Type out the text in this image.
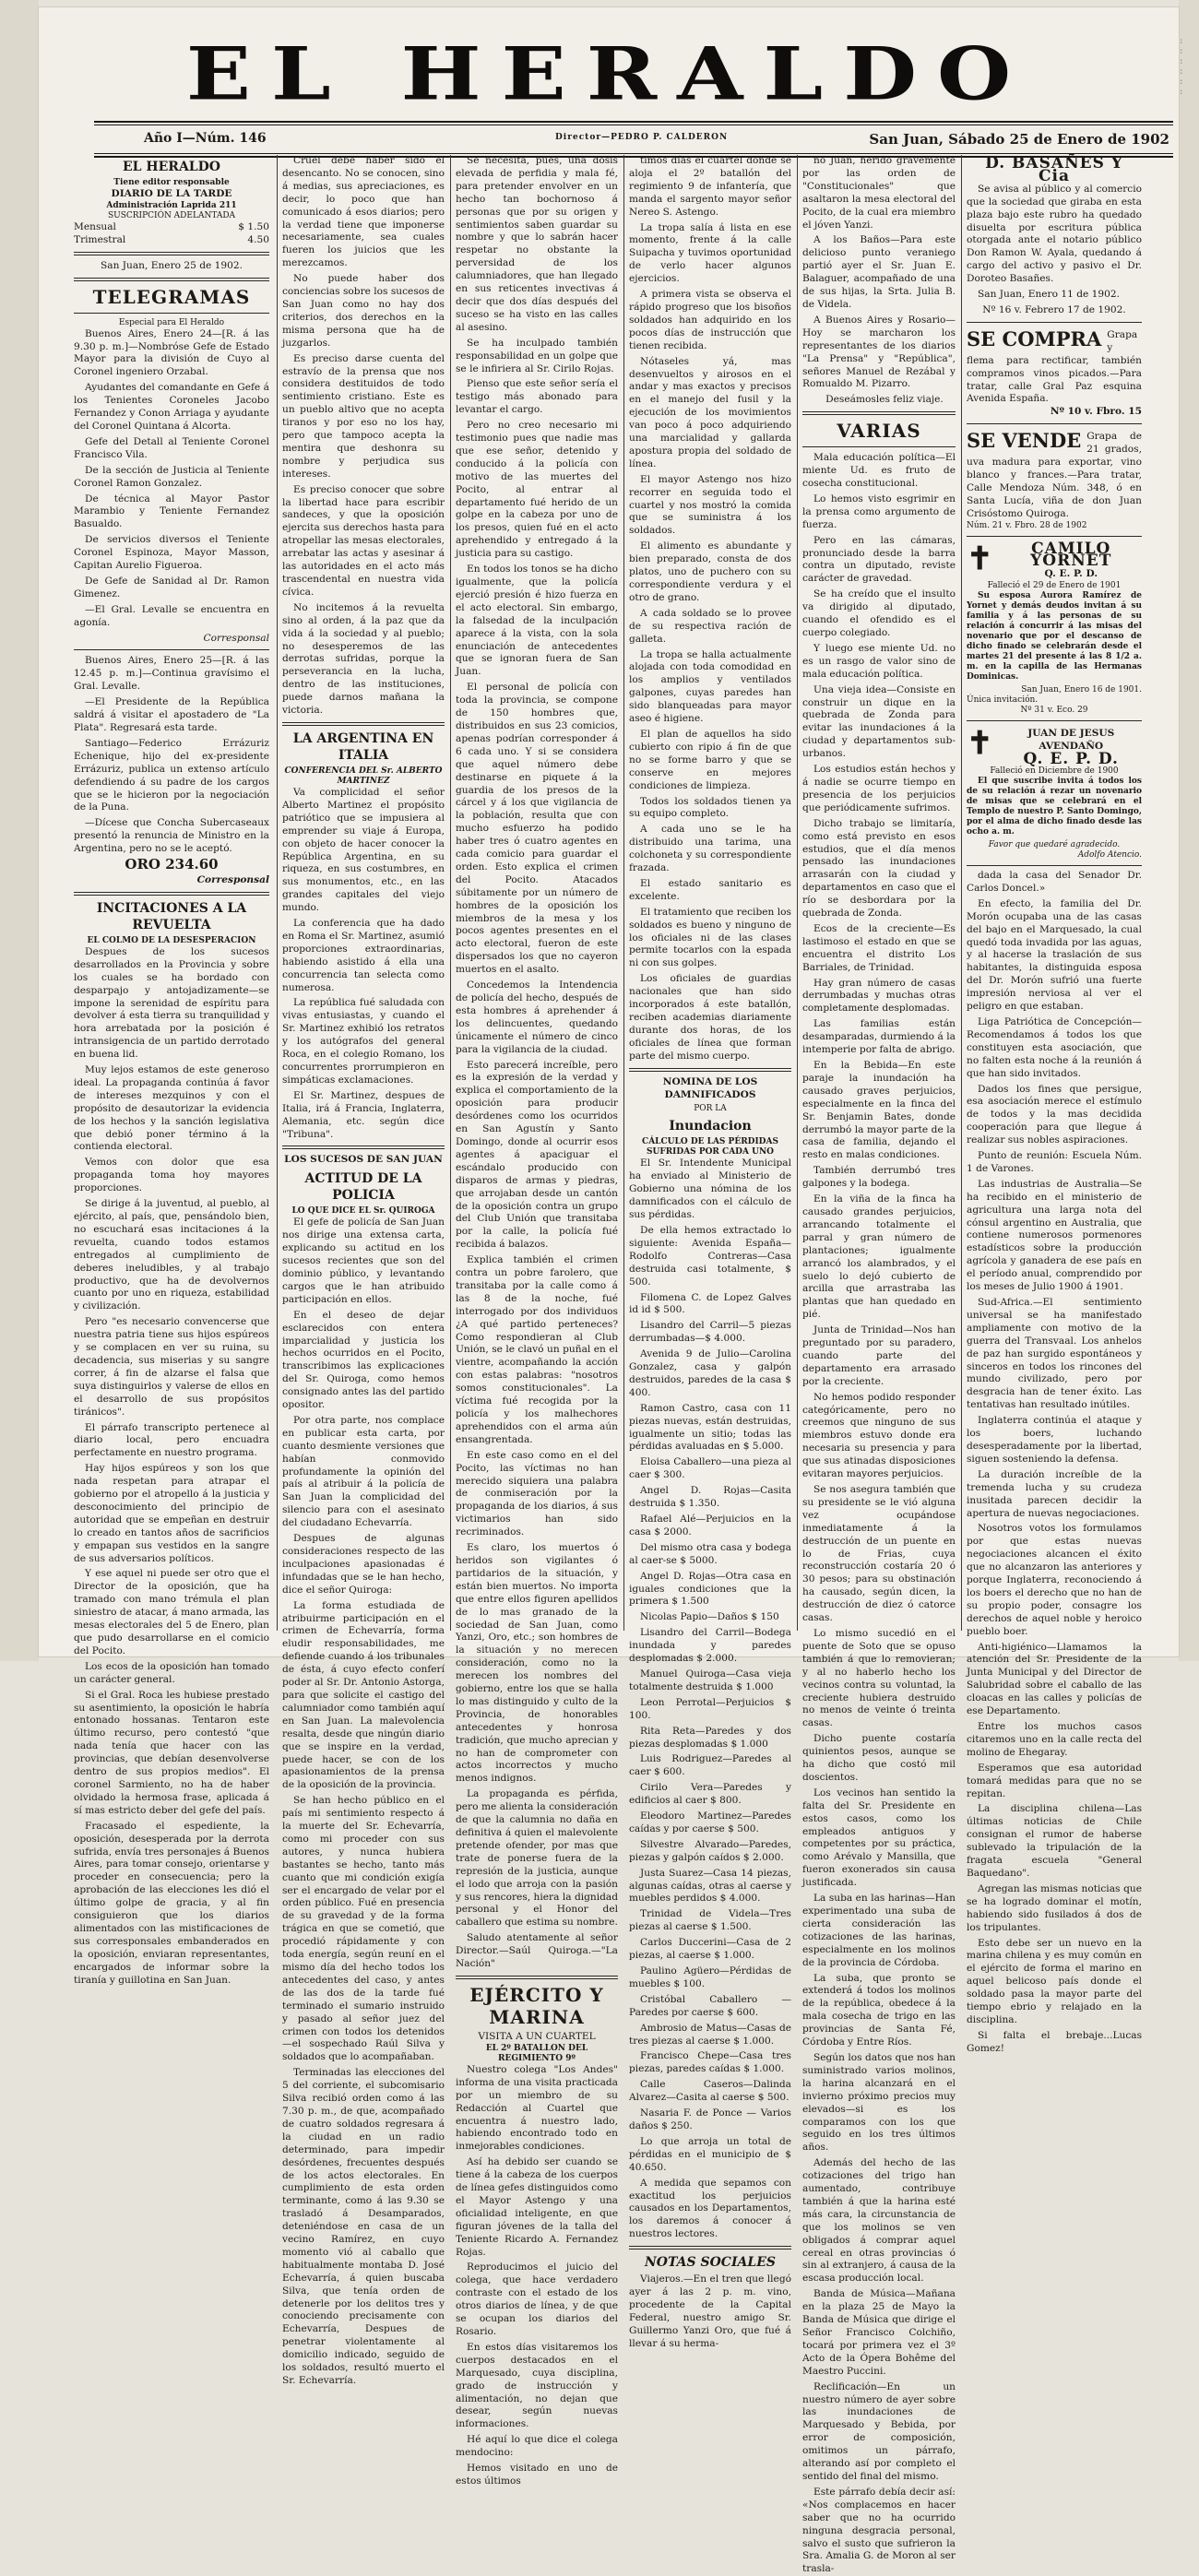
: : : : : :
EL HERALDO
Año I—Núm. 146	Director—PEDRO P. CALDERON	San Juan, Sábado 25 de Enero de 1902
EL HERALDO
Tiene editor responsable
DIARIO DE LA TARDE
Administración Laprida 211
SUSCRIPCIÓN ADELANTADA
Mensual	$ 1.50
Trimestral	4.50
San Juan, Enero 25 de 1902.
TELEGRAMAS
Especial para El Heraldo

Buenos Aires, Enero 24—[R. á las 9.30 p. m.]—Nombróse Gefe de Estado Mayor para la división de Cuyo al Coronel ingeniero Orzabal.

Ayudantes del comandante en Gefe á los Tenientes Coroneles Jacobo Fernandez y Conon Arriaga y ayudante del Coronel Quintana á Alcorta.

Gefe del Detall al Teniente Coronel Francisco Vila.

De la sección de Justicia al Teniente Coronel Ramon Gonzalez.

De técnica al Mayor Pastor Marambio y Teniente Fernandez Basualdo.

De servicios diversos el Teniente Coronel Espinoza, Mayor Masson, Capitan Aurelio Figueroa.

De Gefe de Sanidad al Dr. Ramon Gimenez.

—El Gral. Levalle se encuentra en agonía.

Corresponsal

Buenos Aires, Enero 25—[R. á las 12.45 p. m.]—Continua gravísimo el Gral. Levalle.

—El Presidente de la República saldrá á visitar el apostadero de "La Plata". Regresará esta tarde.

Santiago—Federico Errázuriz Echenique, hijo del ex-presidente Errázuriz, publica un extenso artículo defendiendo á su padre de los cargos que se le hicieron por la negociación de la Puna.

—Dícese que Concha Subercaseaux presentó la renuncia de Ministro en la Argentina, pero no se le aceptó.

ORO 234.60
Corresponsal
INCITACIONES A LA REVUELTA
EL COLMO DE LA DESESPERACION

Despues de los sucesos desarrollados en la Provincia y sobre los cuales se ha bordado con desparpajo y antojadizamente—se impone la serenidad de espíritu para devolver á esta tierra su tranquilidad y hora arrebatada por la posición é intransigencia de un partido derrotado en buena lid.

Muy lejos estamos de este generoso ideal. La propaganda continúa á favor de intereses mezquinos y con el propósito de desautorizar la evidencia de los hechos y la sanción legislativa que debió poner término á la contienda electoral.

Vemos con dolor que esa propaganda toma hoy mayores proporciones.

Se dirige á la juventud, al pueblo, al ejército, al país, que, pensándolo bien, no escuchará esas incitaciones á la revuelta, cuando todos estamos entregados al cumplimiento de deberes ineludibles, y al trabajo productivo, que ha de devolvernos cuanto por uno en riqueza, estabilidad y civilización.

Pero "es necesario convencerse que nuestra patria tiene sus hijos espúreos y se complacen en ver su ruina, su decadencia, sus miserias y su sangre correr, á fin de alzarse el falsa que suya distinguirlos y valerse de ellos en el desarrollo de sus propósitos tiránicos".

El párrafo transcripto pertenece al diario local, pero encuadra perfectamente en nuestro programa.

Hay hijos espúreos y son los que nada respetan para atrapar el gobierno por el atropello á la justicia y desconocimiento del principio de autoridad que se empeñan en destruir lo creado en tantos años de sacrificios y empapan sus vestidos en la sangre de sus adversarios políticos.

Y ese aquel ni puede ser otro que el Director de la oposición, que ha tramado con mano trémula el plan siniestro de atacar, á mano armada, las mesas electorales del 5 de Enero, plan que pudo desarrollarse en el comicio del Pocito.

Los ecos de la oposición han tomado un carácter general.

Si el Gral. Roca les hubiese prestado su asentimiento, la oposición le habría entonado hossanas. Tentaron este último recurso, pero contestó "que nada tenía que hacer con las provincias, que debían desenvolverse dentro de sus propios medios". El coronel Sarmiento, no ha de haber olvidado la hermosa frase, aplicada á sí mas estricto deber del gefe del país.

Fracasado el espediente, la oposición, desesperada por la derrota sufrida, envía tres personajes á Buenos Aires, para tomar consejo, orientarse y proceder en consecuencia; pero la aprobación de las elecciones les dió el último golpe de gracia, y al fin consiguieron que los diarios alimentados con las mistificaciones de sus corresponsales embanderados en la oposición, enviaran representantes, encargados de informar sobre la tiranía y guillotina en San Juan.

Cruel debe haber sido el desencanto. No se conocen, sino á medias, sus apreciaciones, es decir, lo poco que han comunicado á esos diarios; pero la verdad tiene que imponerse necesariamente, sea cuales fueren los juicios que les merezcamos.

No puede haber dos conciencias sobre los sucesos de San Juan como no hay dos criterios, dos derechos en la misma persona que ha de juzgarlos.

Es preciso darse cuenta del estravío de la prensa que nos considera destituidos de todo sentimiento cristiano. Este es un pueblo altivo que no acepta tiranos y por eso no los hay, pero que tampoco acepta la mentira que deshonra su nombre y perjudica sus intereses.

Es preciso conocer que sobre la libertad hace para escribir sandeces, y que la oposición ejercita sus derechos hasta para atropellar las mesas electorales, arrebatar las actas y asesinar á las autoridades en el acto más trascendental en nuestra vida cívica.

No incitemos á la revuelta sino al orden, á la paz que da vida á la sociedad y al pueblo; no desesperemos de las derrotas sufridas, porque la perseverancia en la lucha, dentro de las instituciones, puede darnos mañana la victoria.

LA ARGENTINA EN ITALIA
CONFERENCIA DEL Sr. ALBERTO MARTINEZ

Va complicidad el señor Alberto Martinez el propósito patriótico que se impusiera al emprender su viaje á Europa, con objeto de hacer conocer la República Argentina, en su riqueza, en sus costumbres, en sus monumentos, etc., en las grandes capitales del viejo mundo.

La conferencia que ha dado en Roma el Sr. Martinez, asumió proporciones extraordinarias, habiendo asistido á ella una concurrencia tan selecta como numerosa.

La república fué saludada con vivas entusiastas, y cuando el Sr. Martinez exhibió los retratos y los autógrafos del general Roca, en el colegio Romano, los concurrentes prorrumpieron en simpáticas exclamaciones.

El Sr. Martinez, despues de Italia, irá á Francia, Inglaterra, Alemania, etc. según dice "Tribuna".

LOS SUCESOS DE SAN JUAN
ACTITUD DE LA POLICIA
LO QUE DICE EL Sr. QUIROGA

El gefe de policía de San Juan nos dirige una extensa carta, explicando su actitud en los sucesos recientes que son del dominio público, y levantando cargos que le han atribuido participación en ellos.

En el deseo de dejar esclarecidos con entera imparcialidad y justicia los hechos ocurridos en el Pocito, transcribimos las explicaciones del Sr. Quiroga, como hemos consignado antes las del partido opositor.

Por otra parte, nos complace en publicar esta carta, por cuanto desmiente versiones que habían conmovido profundamente la opinión del país al atribuir á la policía de San Juan la complicidad del silencio para con el asesinato del ciudadano Echevarría.

Despues de algunas consideraciones respecto de las inculpaciones apasionadas é infundadas que se le han hecho, dice el señor Quiroga:

La forma estudiada de atribuirme participación en el crimen de Echevarría, forma eludir responsabilidades, me defiende cuando á los tribunales de ésta, á cuyo efecto conferí poder al Sr. Dr. Antonio Astorga, para que solicite el castigo del calumniador como también aquí en San Juan. La malevolencia resalta, desde que ningún diario que se inspire en la verdad, puede hacer, se con de los apasionamientos de la prensa de la oposición de la provincia.

Se han hecho público en el país mi sentimiento respecto á la muerte del Sr. Echevarría, como mi proceder con sus autores, y nunca hubiera bastantes se hecho, tanto más cuanto que mi condición exigía ser el encargado de velar por el orden público. Fué en presencia de su gravedad y de la forma trágica en que se cometió, que procedió rápidamente y con toda energía, según reuní en el mismo día del hecho todos los antecedentes del caso, y antes de las dos de la tarde fué terminado el sumario instruido y pasado al señor juez del crimen con todos los detenidos—el sospechado Raúl Silva y soldados que lo acompañaban.

Terminadas las elecciones del 5 del corriente, el subcomisario Silva recibió orden como á las 7.30 p. m., de que, acompañado de cuatro soldados regresara á la ciudad en un radio determinado, para impedir desórdenes, frecuentes después de los actos electorales. En cumplimiento de esta orden terminante, como á las 9.30 se trasladó á Desamparados, deteniéndose en casa de un vecino Ramírez, en cuyo momento vió al caballo que habitualmente montaba D. José Echevarría, á quien buscaba Silva, que tenía orden de detenerle por los delitos tres y conociendo precisamente con Echevarría, Despues de penetrar violentamente al domicilio indicado, seguido de los soldados, resultó muerto el Sr. Echevarría.

Se necesita, pues, una dosis elevada de perfidia y mala fé, para pretender envolver en un hecho tan bochornoso á personas que por su origen y sentimientos saben guardar su nombre y que lo sabrán hacer respetar no obstante la perversidad de los calumniadores, que han llegado en sus reticentes invectivas á decir que dos días después del suceso se ha visto en las calles al asesino.

Se ha inculpado también responsabilidad en un golpe que se le infiriera al Sr. Cirilo Rojas.

Pienso que este señor sería el testigo más abonado para levantar el cargo.

Pero no creo necesario mi testimonio pues que nadie mas que ese señor, detenido y conducido á la policía con motivo de las muertes del Pocito, al entrar al departamento fué herido de un golpe en la cabeza por uno de los presos, quien fué en el acto aprehendido y entregado á la justicia para su castigo.

En todos los tonos se ha dicho igualmente, que la policía ejerció presión é hizo fuerza en el acto electoral. Sin embargo, la falsedad de la inculpación aparece á la vista, con la sola enunciación de antecedentes que se ignoran fuera de San Juan.

El personal de policía con toda la provincia, se compone de 150 hombres que, distribuidos en sus 23 comicios, apenas podrían corresponder á 6 cada uno. Y si se considera que aquel número debe destinarse en piquete á la guardia de los presos de la cárcel y á los que vigilancia de la población, resulta que con mucho esfuerzo ha podido haber tres ó cuatro agentes en cada comicio para guardar el orden. Esto explica el crimen del Pocito. Atacados súbitamente por un número de hombres de la oposición los miembros de la mesa y los pocos agentes presentes en el acto electoral, fueron de este dispersados los que no cayeron muertos en el asalto.

Concedemos la Intendencia de policía del hecho, después de esta hombres á aprehender á los delincuentes, quedando únicamente el número de cinco para la vigilancia de la ciudad.

Esto parecerá increíble, pero es la expresión de la verdad y explica el comportamiento de la oposición para producir desórdenes como los ocurridos en San Agustín y Santo Domingo, donde al ocurrir esos agentes á apaciguar el escándalo producido con disparos de armas y piedras, que arrojaban desde un cantón de la oposición contra un grupo del Club Unión que transitaba por la calle, la policía fué recibida á balazos.

Explica también el crimen contra un pobre farolero, que transitaba por la calle como á las 8 de la noche, fué interrogado por dos individuos ¿A qué partido perteneces? Como respondieran al Club Unión, se le clavó un puñal en el vientre, acompañando la acción con estas palabras: "nosotros somos constitucionales". La víctima fué recogida por la policía y los malhechores aprehendidos con el arma aún ensangrentada.

En este caso como en el del Pocito, las víctimas no han merecido siquiera una palabra de conmiseración por la propaganda de los diarios, á sus victimarios han sido recriminados.

Es claro, los muertos ó heridos son vigilantes ó partidarios de la situación, y están bien muertos. No importa que entre ellos figuren apellidos de lo mas granado de la sociedad de San Juan, como Yanzi, Oro, etc.; son hombres de la situación y no merecen consideración, como no la merecen los nombres del gobierno, entre los que se halla lo mas distinguido y culto de la Provincia, de honorables antecedentes y honrosa tradición, que mucho aprecian y no han de comprometer con actos incorrectos y mucho menos indignos.

La propaganda es pérfida, pero me alienta la consideración de que la calumnia no daña en definitiva á quien el malevolente pretende ofender, por mas que trate de ponerse fuera de la represión de la justicia, aunque el lodo que arroja con la pasión y sus rencores, hiera la dignidad personal y el Honor del caballero que estima su nombre.

Saludo atentamente al señor Director.—Saúl Quiroga.—"La Nación"

EJÉRCITO Y MARINA
VISITA A UN CUARTEL
EL 2º BATALLON DEL REGIMIENTO 9º

Nuestro colega "Los Andes" informa de una visita practicada por un miembro de su Redacción al Cuartel que encuentra á nuestro lado, habiendo encontrado todo en inmejorables condiciones.

Así ha debido ser cuando se tiene á la cabeza de los cuerpos de línea gefes distinguidos como el Mayor Astengo y una oficialidad inteligente, en que figuran jóvenes de la talla del Teniente Ricardo A. Fernandez Rojas.

Reproducimos el juicio del colega, que hace verdadero contraste con el estado de los otros diarios de línea, y de que se ocupan los diarios del Rosario.

En estos días visitaremos los cuerpos destacados en el Marquesado, cuya disciplina, grado de instrucción y alimentación, no dejan que desear, según nuevas informaciones.

Hé aquí lo que dice el colega mendocino:

Hemos visitado en uno de estos últimos

timos días el cuartel donde se aloja el 2º batallón del regimiento 9 de infantería, que manda el sargento mayor señor Nereo S. Astengo.

La tropa salía á lista en ese momento, frente á la calle Suipacha y tuvimos oportunidad de verlo hacer algunos ejercicios.

A primera vista se observa el rápido progreso que los bisoños soldados han adquirido en los pocos días de instrucción que tienen recibida.

Nótaseles yá, mas desenvueltos y airosos en el andar y mas exactos y precisos en el manejo del fusil y la ejecución de los movimientos van poco á poco adquiriendo una marcialidad y gallarda apostura propia del soldado de línea.

El mayor Astengo nos hizo recorrer en seguida todo el cuartel y nos mostró la comida que se suministra á los soldados.

El alimento es abundante y bien preparado, consta de dos platos, uno de puchero con su correspondiente verdura y el otro de grano.

A cada soldado se lo provee de su respectiva ración de galleta.

La tropa se halla actualmente alojada con toda comodidad en los amplios y ventilados galpones, cuyas paredes han sido blanqueadas para mayor aseo é higiene.

El plan de aquellos ha sido cubierto con ripio á fin de que no se forme barro y que se conserve en mejores condiciones de limpieza.

Todos los soldados tienen ya su equipo completo.

A cada uno se le ha distribuido una tarima, una colchoneta y su correspondiente frazada.

El estado sanitario es excelente.

El tratamiento que reciben los soldados es bueno y ninguno de los oficiales ni de las clases permite tocarlos con la espada ni con sus golpes.

Los oficiales de guardias nacionales que han sido incorporados á este batallón, reciben academias diariamente durante dos horas, de los oficiales de línea que forman parte del mismo cuerpo.

NOMINA DE LOS DAMNIFICADOS
POR LA
Inundacion
CÁLCULO DE LAS PÉRDIDAS SUFRIDAS POR CADA UNO

El Sr. Intendente Municipal ha enviado al Ministerio de Gobierno una nómina de los damnificados con el cálculo de sus pérdidas.

De ella hemos extractado lo siguiente: Avenida España—Rodolfo Contreras—Casa destruida casi totalmente, $ 500.

Filomena C. de Lopez Galves id id $ 500.

Lisandro del Carril—5 piezas derrumbadas—$ 4.000.

Avenida 9 de Julio—Carolina Gonzalez, casa y galpón destruidos, paredes de la casa $ 400.

Ramon Castro, casa con 11 piezas nuevas, están destruidas, igualmente un sitio; todas las pérdidas avaluadas en $ 5.000.

Eloisa Caballero—una pieza al caer $ 300.

Angel D. Rojas—Casita destruida $ 1.350.

Rafael Alé—Perjuicios en la casa $ 2000.

Del mismo otra casa y bodega al caer-se $ 5000.

Angel D. Rojas—Otra casa en iguales condiciones que la primera $ 1.500

Nicolas Papio—Daños $ 150

Lisandro del Carril—Bodega inundada y paredes desplomadas $ 2.000.

Manuel Quiroga—Casa vieja totalmente destruida $ 1.000

Leon Perrotal—Perjuicios $ 100.

Rita Reta—Paredes y dos piezas desplomadas $ 1.000

Luis Rodriguez—Paredes al caer $ 600.

Cirilo Vera—Paredes y edificios al caer $ 800.

Eleodoro Martinez—Paredes caídas y por caerse $ 500.

Silvestre Alvarado—Paredes, piezas y galpón caídos $ 2.000.

Justa Suarez—Casa 14 piezas, algunas caídas, otras al caerse y muebles perdidos $ 4.000.

Trinidad de Videla—Tres piezas al caerse $ 1.500.

Carlos Duccerini—Casa de 2 piezas, al caerse $ 1.000.

Paulino Agüero—Pérdidas de muebles $ 100.

Cristóbal Caballero — Paredes por caerse $ 600.

Ambrosio de Matus—Casas de tres piezas al caerse $ 1.000.

Francisco Chepe—Casa tres piezas, paredes caídas $ 1.000.

Calle Caseros—Dalinda Alvarez—Casita al caerse $ 500.

Nasaria F. de Ponce — Varios daños $ 250.

Lo que arroja un total de pérdidas en el municipio de $ 40.650.

A medida que sepamos con exactitud los perjuicios causados en los Departamentos, los daremos á conocer á nuestros lectores.

NOTAS SOCIALES

Viajeros.—En el tren que llegó ayer á las 2 p. m. vino, procedente de la Capital Federal, nuestro amigo Sr. Guillermo Yanzi Oro, que fué á llevar á su herma-

no Juan, herido gravemente por las orden de "Constitucionales" que asaltaron la mesa electoral del Pocito, de la cual era miembro el jóven Yanzi.

A los Baños—Para este delicioso punto veraniego partió ayer el Sr. Juan E. Balaguer, acompañado de una de sus hijas, la Srta. Julia B. de Videla.

A Buenos Aires y Rosario—Hoy se marcharon los representantes de los diarios "La Prensa" y "República", señores Manuel de Rezábal y Romualdo M. Pizarro.

Deseámosles feliz viaje.

VARIAS

Mala educación política—El miente Ud. es fruto de cosecha constitucional.

Lo hemos visto esgrimir en la prensa como argumento de fuerza.

Pero en las cámaras, pronunciado desde la barra contra un diputado, reviste carácter de gravedad.

Se ha creído que el insulto va dirigido al diputado, cuando el ofendido es el cuerpo colegiado.

Y luego ese miente Ud. no es un rasgo de valor sino de mala educación política.

Una vieja idea—Consiste en construir un dique en la quebrada de Zonda para evitar las inundaciones á la ciudad y departamentos sub-urbanos.

Los estudios están hechos y á nadie se ocurre tiempo en presencia de los perjuicios que periódicamente sufrimos.

Dicho trabajo se limitaría, como está previsto en esos estudios, que el día menos pensado las inundaciones arrasarán con la ciudad y departamentos en caso que el río se desbordara por la quebrada de Zonda.

Ecos de la creciente—Es lastimoso el estado en que se encuentra el distrito Los Barriales, de Trinidad.

Hay gran número de casas derrumbadas y muchas otras completamente desplomadas.

Las familias están desamparadas, durmiendo á la intemperie por falta de abrigo.

En la Bebida—En este paraje la inundación ha causado graves perjuicios, especialmente en la finca del Sr. Benjamin Bates, donde derrumbó la mayor parte de la casa de familia, dejando el resto en malas condiciones.

También derrumbó tres galpones y la bodega.

En la viña de la finca ha causado grandes perjuicios, arrancando totalmente el parral y gran número de plantaciones; igualmente arrancó los alambrados, y el suelo lo dejó cubierto de arcilla que arrastraba las plantas que han quedado en pié.

Junta de Trinidad—Nos han preguntado por su paradero, cuando parte del departamento era arrasado por la creciente.

No hemos podido responder categóricamente, pero no creemos que ninguno de sus miembros estuvo donde era necesaria su presencia y para que sus atinadas disposiciones evitaran mayores perjuicios.

Se nos asegura también que su presidente se le vió alguna vez ocupándose inmediatamente á la destrucción de un puente en lo de Frias, cuya reconstrucción costaría 20 ó 30 pesos; para su obstinación ha causado, según dicen, la destrucción de diez ó catorce casas.

Lo mismo sucedió en el puente de Soto que se opuso también á que lo removieran; y al no haberlo hecho los vecinos contra su voluntad, la creciente hubiera destruido no menos de veinte ó treinta casas.

Dicho puente costaría quinientos pesos, aunque se ha dicho que costó mil doscientos.

Los vecinos han sentido la falta del Sr. Presidente en estos casos, como los empleados antiguos y competentes por su práctica, como Arévalo y Mansilla, que fueron exonerados sin causa justificada.

La suba en las harinas—Han experimentado una suba de cierta consideración las cotizaciones de las harinas, especialmente en los molinos de la provincia de Córdoba.

La suba, que pronto se extenderá á todos los molinos de la república, obedece á la mala cosecha de trigo en las provincias de Santa Fé, Córdoba y Entre Ríos.

Según los datos que nos han suministrado varios molinos, la harina alcanzará en el invierno próximo precios muy elevados—si es los comparamos con los que seguido en los tres últimos años.

Además del hecho de las cotizaciones del trigo han aumentado, contribuye también á que la harina esté más cara, la circunstancia de que los molinos se ven obligados á comprar aquel cereal en otras provincias ó sin al extranjero, á causa de la escasa producción local.

Banda de Música—Mañana en la plaza 25 de Mayo la Banda de Música que dirige el Señor Francisco Colchiño, tocará por primera vez el 3º Acto de la Ópera Bohême del Maestro Puccini.

Reclificación—En un nuestro número de ayer sobre las inundaciones de Marquesado y Bebida, por error de composición, omitimos un párrafo, alterando así por completo el sentido del final del mismo.

Este párrafo debía decir así: «Nos complacemos en hacer saber que no ha ocurrido ninguna desgracia personal, salvo el susto que sufrieron la Sra. Amalia G. de Moron al ser trasla-

D. BASAÑES Y Cia

Se avisa al público y al comercio que la sociedad que giraba en esta plaza bajo este rubro ha quedado disuelta por escritura pública otorgada ante el notario público Don Ramon W. Ayala, quedando á cargo del activo y pasivo el Dr. Doroteo Basañes.

San Juan, Enero 11 de 1902.

Nº 16 v. Febrero 17 de 1902.
SE COMPRA Grapa y flema para rectificar, también compramos vinos picados.—Para tratar, calle Gral Paz esquina Avenida España.
Nº 10 v. Fbro. 15
SE VENDE Grapa de 21 grados, uva madura para exportar, vino blanco y frances.—Para tratar, Calle Mendoza Núm. 348, ó en Santa Lucía, viña de don Juan Crisóstomo Quiroga.
Núm. 21 v. Fbro. 28 de 1902
✝	CAMILO YORNET
Q. E. P. D.
Falleció el 29 de Enero de 1901

Su esposa Aurora Ramírez de Yornet y demás deudos invitan á su familia y á las personas de su relación á concurrir á las misas del novenario que por el descanso de dicho finado se celebrarán desde el martes 21 del presente á las 8 1/2 a. m. en la capilla de las Hermanas Dominicas.

San Juan, Enero 16 de 1901.
Única invitación.
Nº 31 v. Eco. 29
✝	JUAN DE JESUS AVENDAÑO
Q. E. P. D.
Falleció en Diciembre de 1900

El que suscribe invita á todos los de su relación á rezar un novenario de misas que se celebrará en el Templo de nuestro P. Santo Domingo, por el alma de dicho finado desde las ocho a. m.

Favor que quedaré agradecido.
Adolfo Atencio.

dada la casa del Senador Dr. Carlos Doncel.»

En efecto, la familia del Dr. Morón ocupaba una de las casas del bajo en el Marquesado, la cual quedó toda invadida por las aguas, y al hacerse la traslación de sus habitantes, la distinguida esposa del Dr. Morón sufrió una fuerte impresión nerviosa al ver el peligro en que estaban.

Liga Patriótica de Concepción—Recomendamos á todos los que constituyen esta asociación, que no falten esta noche á la reunión á que han sido invitados.

Dados los fines que persigue, esa asociación merece el estímulo de todos y la mas decidida cooperación para que llegue á realizar sus nobles aspiraciones.

Punto de reunión: Escuela Núm. 1 de Varones.

Las industrias de Australia—Se ha recibido en el ministerio de agricultura una larga nota del cónsul argentino en Australia, que contiene numerosos pormenores estadísticos sobre la producción agrícola y ganadera de ese país en el período anual, comprendido por los meses de Julio 1900 á 1901.

Sud-Africa.—El sentimiento universal se ha manifestado ampliamente con motivo de la guerra del Transvaal. Los anhelos de paz han surgido espontáneos y sinceros en todos los rincones del mundo civilizado, pero por desgracia han de tener éxito. Las tentativas han resultado inútiles.

Inglaterra continúa el ataque y los boers, luchando desesperadamente por la libertad, siguen sosteniendo la defensa.

La duración increíble de la tremenda lucha y su crudeza inusitada parecen decidir la apertura de nuevas negociaciones.

Nosotros votos los formulamos por que estas nuevas negociaciones alcancen el éxito que no alcanzaron las anteriores y porque Inglaterra, reconociendo á los boers el derecho que no han de su propio poder, consagre los derechos de aquel noble y heroico pueblo boer.

Anti-higiénico—Llamamos la atención del Sr. Presidente de la Junta Municipal y del Director de Salubridad sobre el caballo de las cloacas en las calles y policías de ese Departamento.

Entre los muchos casos citaremos uno en la calle recta del molino de Ehegaray.

Esperamos que esa autoridad tomará medidas para que no se repitan.

La disciplina chilena—Las últimas noticias de Chile consignan el rumor de haberse sublevado la tripulación de la fragata escuela "General Baquedano".

Agregan las mismas noticias que se ha logrado dominar el motín, habiendo sido fusilados á dos de los tripulantes.

Esto debe ser un nuevo en la marina chilena y es muy común en el ejército de forma el marino en aquel belicoso país donde el soldado pasa la mayor parte del tiempo ebrio y relajado en la disciplina.

Si falta el brebaje...Lucas Gomez!
